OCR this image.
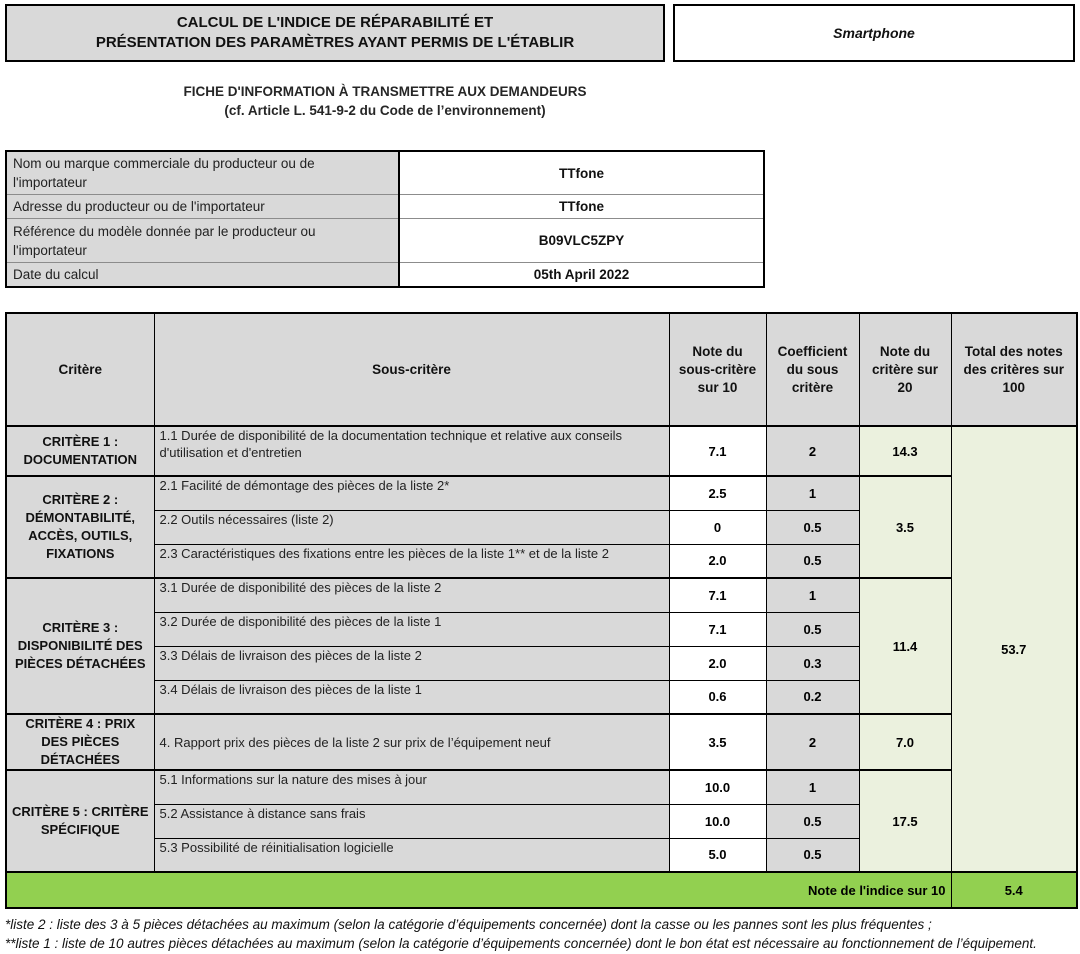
CALCUL DE L'INDICE DE RÉPARABILITÉ ET
PRÉSENTATION DES PARAMÈTRES AYANT PERMIS DE L'ÉTABLIR
Smartphone
FICHE D'INFORMATION À TRANSMETTRE AUX DEMANDEURS
(cf. Article L. 541-9-2 du Code de l’environnement)
Nom ou marque commerciale du producteur ou de l'importateur	TTfone
Adresse du producteur ou de l'importateur	TTfone
Référence du modèle donnée par le producteur ou l'importateur	B09VLC5ZPY
Date du calcul	05th April 2022
Critère	Sous-critère	Note du sous-critère sur 10	Coefficient du sous critère	Note du critère sur 20	Total des notes des critères sur 100
CRITÈRE 1 : DOCUMENTATION	1.1 Durée de disponibilité de la documentation technique et relative aux conseils d'utilisation et d'entretien	7.1	2	14.3	53.7
CRITÈRE 2 : DÉMONTABILITÉ, ACCÈS, OUTILS, FIXATIONS	2.1 Facilité de démontage des pièces de la liste 2*	2.5	1	3.5	
	2.2 Outils nécessaires (liste 2)	0	0.5		
	2.3 Caractéristiques des fixations entre les pièces de la liste 1** et de la liste 2	2.0	0.5		
CRITÈRE 3 : DISPONIBILITÉ DES PIÈCES DÉTACHÉES	3.1 Durée de disponibilité des pièces de la liste 2	7.1	1	11.4	
	3.2 Durée de disponibilité des pièces de la liste 1	7.1	0.5		
	3.3 Délais de livraison des pièces de la liste 2	2.0	0.3		
	3.4 Délais de livraison des pièces de la liste 1	0.6	0.2		
CRITÈRE 4 : PRIX DES PIÈCES DÉTACHÉES	4. Rapport prix des pièces de la liste 2 sur prix de l’équipement neuf	3.5	2	7.0	
CRITÈRE 5 : CRITÈRE SPÉCIFIQUE	5.1 Informations sur la nature des mises à jour	10.0	1	17.5	
	5.2 Assistance à distance sans frais	10.0	0.5		
	5.3 Possibilité de réinitialisation logicielle	5.0	0.5		
Note de l'indice sur 10					5.4
*liste 2 : liste des 3 à 5 pièces détachées au maximum (selon la catégorie d’équipements concernée) dont la casse ou les pannes sont les plus fréquentes ;
**liste 1 : liste de 10 autres pièces détachées au maximum (selon la catégorie d’équipements concernée) dont le bon état est nécessaire au fonctionnement de l’équipement.
